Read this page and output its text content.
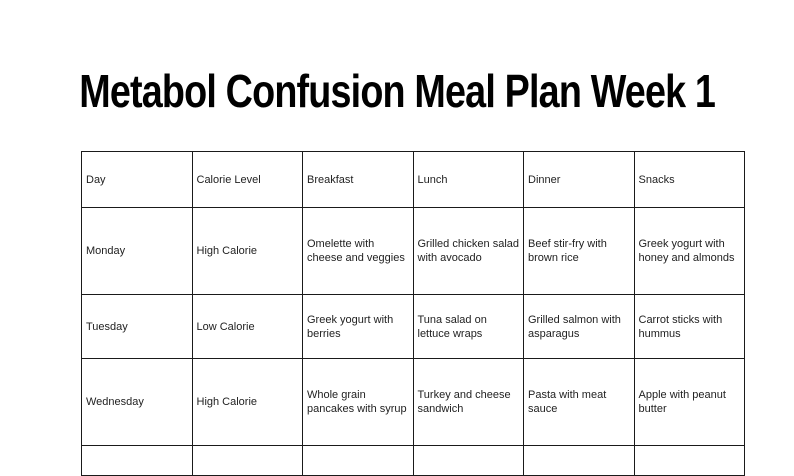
Metabol Confusion Meal Plan Week 1
Day	Calorie Level	Breakfast	Lunch	Dinner	Snacks
Monday	High Calorie	Omelette with cheese and veggies	Grilled chicken salad with avocado	Beef stir-fry with brown rice	Greek yogurt with honey and almonds
Tuesday	Low Calorie	Greek yogurt with berries	Tuna salad on lettuce wraps	Grilled salmon with asparagus	Carrot sticks with hummus
Wednesday	High Calorie	Whole grain pancakes with syrup	Turkey and cheese sandwich	Pasta with meat sauce	Apple with peanut butter
